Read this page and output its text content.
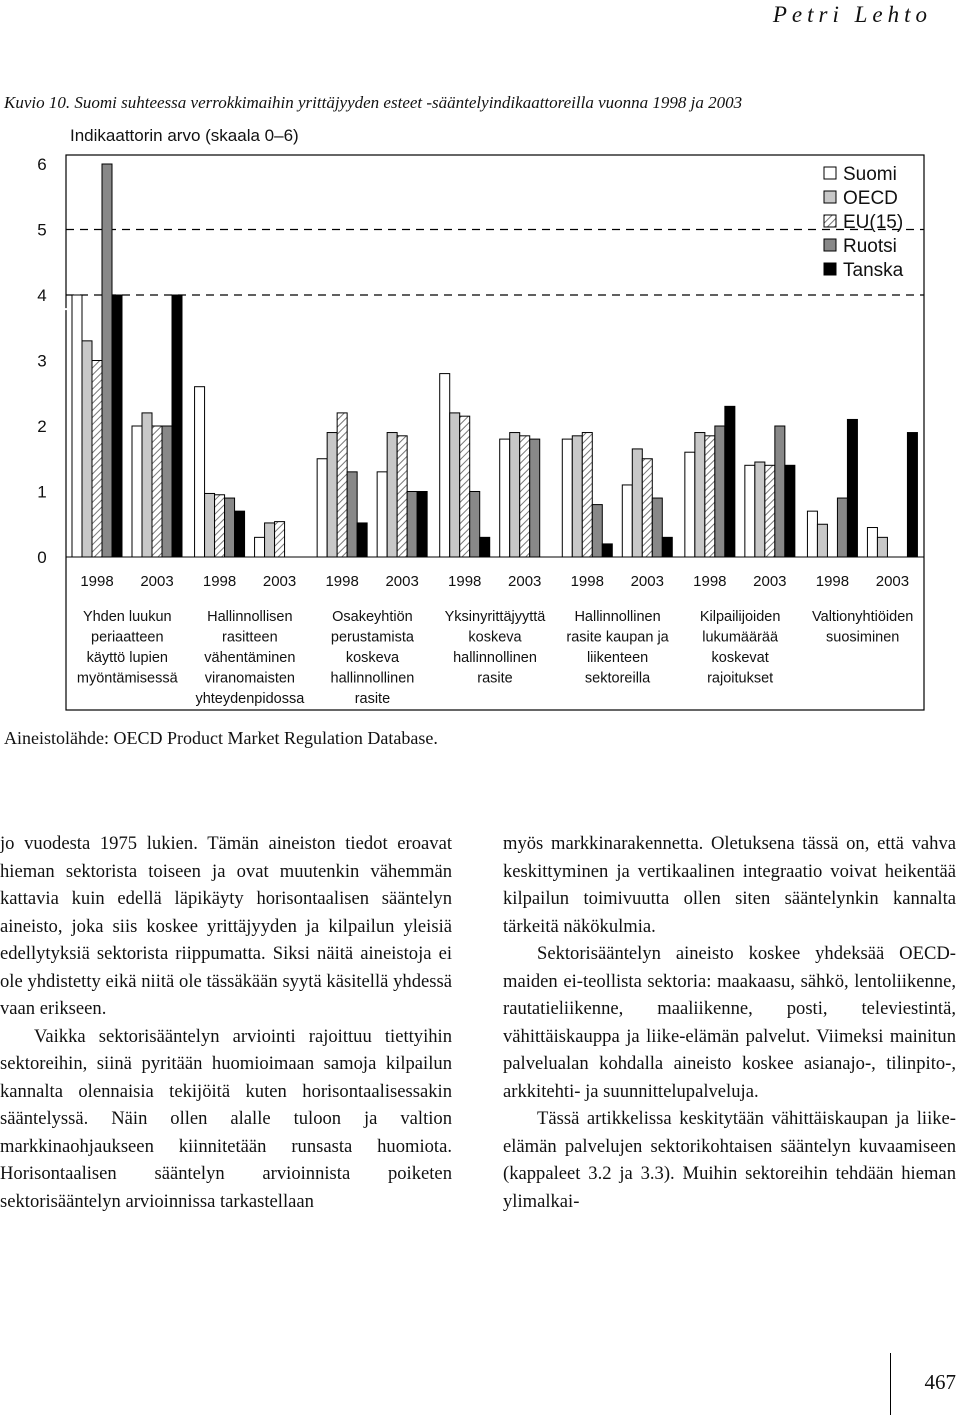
Petri Lehto
Kuvio 10. Suomi suhteessa verrokkimaihin yrittäjyyden esteet -sääntelyindikaattoreilla vuonna 1998 ja 2003
0
1
2
3
4
5
6
Indikaattorin arvo (skaala 0–6)
1998 2003
Yhden luukun
periaatteen
käyttö lupien
myöntämisessä
1998 2003
Hallinnollisen
rasitteen
vähentäminen
viranomaisten
yhteydenpidossa
1998 2003
Osakeyhtiön
perustamista
koskeva
hallinnollinen
rasite
1998 2003
Yksinyrittäjyyttä
koskeva
hallinnollinen
rasite
1998 2003
Hallinnollinen
rasite kaupan ja
liikenteen
sektoreilla
1998 2003
Kilpailijoiden
lukumäärää
koskevat
rajoitukset
1998 2003
Valtionyhtiöiden
suosiminen
Suomi
OECD
EU(15)
Ruotsi
Tanska
Aineistolähde: OECD Product Market Regulation Database.

jo vuodesta 1975 lukien. Tämän aineiston tiedot eroavat hieman sektorista toiseen ja ovat muutenkin vähemmän kattavia kuin edellä läpikäyty horisontaalisen sääntelyn aineisto, joka siis koskee yrittäjyyden ja kilpailun yleisiä edellytyksiä sektorista riippumatta. Siksi näitä aineistoja ei ole yhdistetty eikä niitä ole tässäkään syytä käsitellä yhdessä vaan erikseen.

Vaikka sektorisääntelyn arviointi rajoittuu tiettyihin sektoreihin, siinä pyritään huomioimaan samoja kilpailun kannalta olennaisia tekijöitä kuten horisontaalisessakin sääntelyssä. Näin ollen alalle tuloon ja valtion markkinaohjaukseen kiinnitetään runsasta huomiota. Horisontaalisen sääntelyn arvioinnista poiketen sektorisääntelyn arvioinnissa tarkastellaan

myös markkinarakennetta. Oletuksena tässä on, että vahva keskittyminen ja vertikaalinen integraatio voivat heikentää kilpailun toimivuutta ollen siten sääntelynkin kannalta tärkeitä näkökulmia.

Sektorisääntelyn aineisto koskee yhdeksää OECD-maiden ei-teollista sektoria: maakaasu, sähkö, lentoliikenne, rautatieliikenne, maaliikenne, posti, televiestintä, vähittäiskauppa ja liike-elämän palvelut. Viimeksi mainitun palvelualan kohdalla aineisto koskee asianajo-, tilinpito-, arkkitehti- ja suunnittelupalveluja.

Tässä artikkelissa keskitytään vähittäiskaupan ja liike-elämän palvelujen sektorikohtaisen sääntelyn kuvaamiseen (kappaleet 3.2 ja 3.3). Muihin sektoreihin tehdään hieman ylimalkai-

467
